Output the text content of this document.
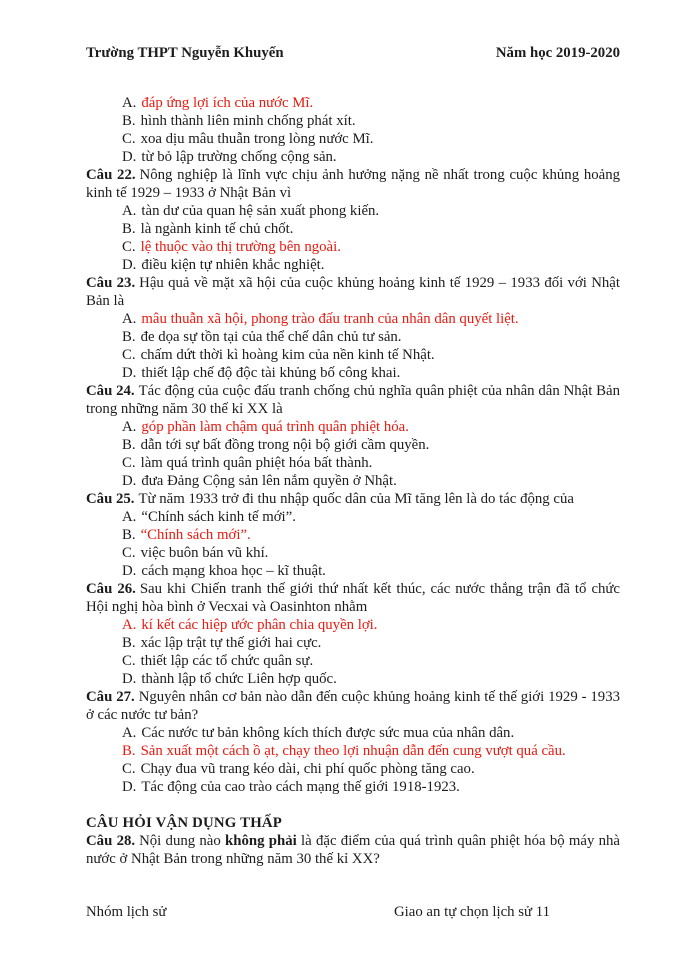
Trường THPT Nguyễn Khuyến	Năm học 2019-2020
A. đáp ứng lợi ích của nước Mĩ.
B. hình thành liên minh chống phát xít.
C. xoa dịu mâu thuẫn trong lòng nước Mĩ.
D. từ bỏ lập trường chống cộng sản.
Câu 22. Nông nghiệp là lĩnh vực chịu ảnh hưởng nặng nề nhất trong cuộc khủng hoảng kinh tế 1929 – 1933 ở Nhật Bản vì
A. tàn dư của quan hệ sản xuất phong kiến.
B. là ngành kinh tế chủ chốt.
C. lệ thuộc vào thị trường bên ngoài.
D. điều kiện tự nhiên khắc nghiệt.
Câu 23. Hậu quả về mặt xã hội của cuộc khủng hoảng kinh tế 1929 – 1933 đối với Nhật Bản là
A. mâu thuẫn xã hội, phong trào đấu tranh của nhân dân quyết liệt.
B. đe dọa sự tồn tại của thể chế dân chủ tư sản.
C. chấm dứt thời kì hoàng kim của nền kinh tế Nhật.
D. thiết lập chế độ độc tài khủng bố công khai.
Câu 24. Tác động của cuộc đấu tranh chống chủ nghĩa quân phiệt của nhân dân Nhật Bản trong những năm 30 thế kỉ XX là
A. góp phần làm chậm quá trình quân phiệt hóa.
B. dẫn tới sự bất đồng trong nội bộ giới cầm quyền.
C. làm quá trình quân phiệt hóa bất thành.
D. đưa Đảng Cộng sản lên nắm quyền ở Nhật.
Câu 25. Từ năm 1933 trở đi thu nhập quốc dân của Mĩ tăng lên là do tác động của
A. “Chính sách kinh tế mới”.
B. “Chính sách mới”.
C. việc buôn bán vũ khí.
D. cách mạng khoa học – kĩ thuật.
Câu 26. Sau khi Chiến tranh thế giới thứ nhất kết thúc, các nước thắng trận đã tổ chức Hội nghị hòa bình ở Vecxai và Oasinhton nhằm
A. kí kết các hiệp ước phân chia quyền lợi.
B. xác lập trật tự thế giới hai cực.
C. thiết lập các tổ chức quân sự.
D. thành lập tổ chức Liên hợp quốc.
Câu 27. Nguyên nhân cơ bản nào dẫn đến cuộc khủng hoảng kinh tế thế giới 1929 - 1933 ở các nước tư bản?
A. Các nước tư bản không kích thích được sức mua của nhân dân.
B. Sản xuất một cách ồ ạt, chạy theo lợi nhuận dẫn đến cung vượt quá cầu.
C. Chạy đua vũ trang kéo dài, chi phí quốc phòng tăng cao.
D. Tác động của cao trào cách mạng thế giới 1918-1923.
CÂU HỎI VẬN DỤNG THẤP
Câu 28. Nội dung nào không phải là đặc điểm của quá trình quân phiệt hóa bộ máy nhà nước ở Nhật Bản trong những năm 30 thế kỉ XX?
Nhóm lịch sử	Giao an tự chọn lịch sử 11
